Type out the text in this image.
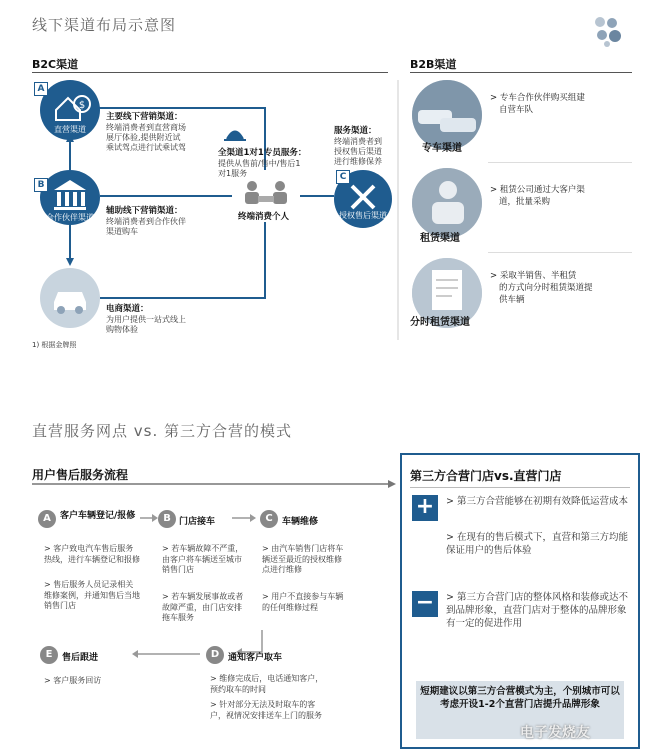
线下渠道布局示意图
B2C渠道	B2B渠道
$
直营渠道
A
合作伙伴渠道
B
授权售后渠道
C
主要线下营销渠道：
终端消费者到直营商场
展厅体验,提供附近试
乘试驾点进行试乘试驾
辅助线下营销渠道：
终端消费者到合作伙伴
渠道购车
电商渠道：
为用户提供一站式线上
购物体验
全渠道1对1专员服务：
提供从售前/售中/售后1
对1服务
终端消费个人
服务渠道：
终端消费者到
授权售后渠道
进行维修保养
1) 根据金牌照
专车渠道
> 专车合作伙伴购买组建
自营车队
租赁渠道
> 租赁公司通过大客户渠
道，批量采购
分时租赁渠道
> 采取半销售、半租赁
的方式向分时租赁渠道提
供车辆
直营服务网点 vs. 第三方合营的模式
用户售后服务流程
A	客户车辆登记/报修
> 客户致电汽车售后服务热线，进行车辆登记和报修
> 售后服务人员记录相关维修案例，并通知售后当地销售门店
B 门店接车
> 若车辆故障不严重，由客户将车辆送至城市销售门店
> 若车辆发展事故或者故障严重，由门店安排拖车服务
C	车辆维修
> 由汽车销售门店将车辆送至最近的授权维修点进行维修
> 用户不直接参与车辆的任何维修过程
D 通知客户取车
> 维修完成后，电话通知客户，预约取车的时间
> 针对部分无法及时取车的客户，视情况安排送车上门的服务
E	售后跟进
> 客户服务回访
第三方合营门店vs.直营门店
+	> 第三方合营能够在初期有效降低运营成本
> 在现有的售后模式下，直营和第三方均能保证用户的售后体验
−	> 第三方合营门店的整体风格和装修或达不到品牌形象，直营门店对于整体的品牌形象有一定的促进作用
短期建议以第三方合营模式为主，个别城市可以考虑开设1-2个直营门店提升品牌形象
电子发烧友
